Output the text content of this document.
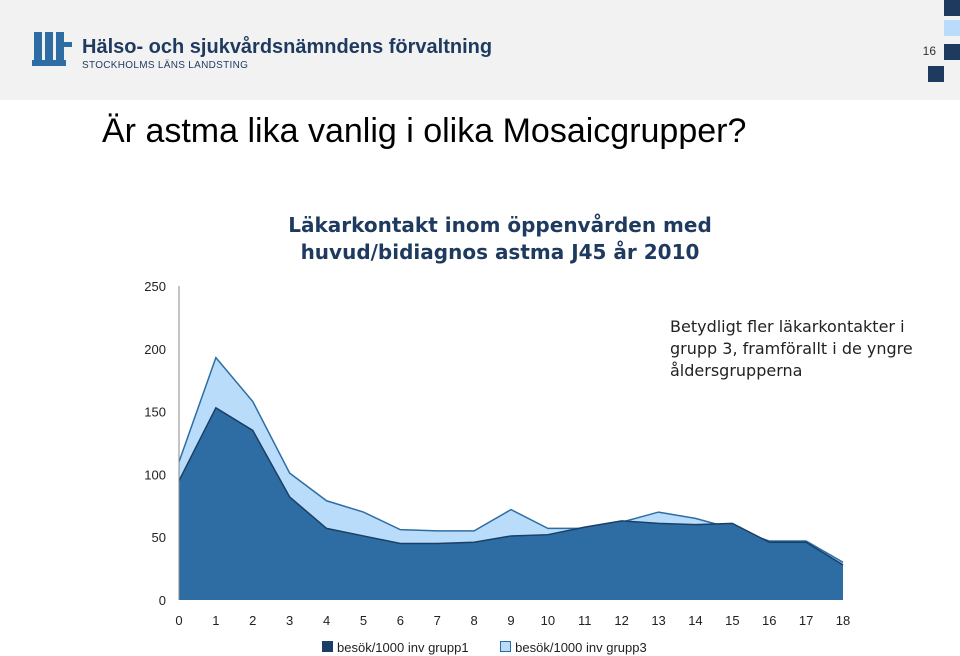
Hälso- och sjukvårdsnämndens förvaltning
STOCKHOLMS LÄNS LANDSTING
16
Är astma lika vanlig i olika Mosaicgrupper?
Läkarkontakt inom öppenvården med huvud/bidiagnos astma J45 år 2010
Betydligt fler läkarkontakter i grupp 3, framförallt i de yngre åldersgrupperna
0
50
100
150
200
250
0 1 2 3 4 5 6 7 8 9 10 11 12 13 14 15 16 17 18
besök/1000 inv grupp1	besök/1000 inv grupp3
